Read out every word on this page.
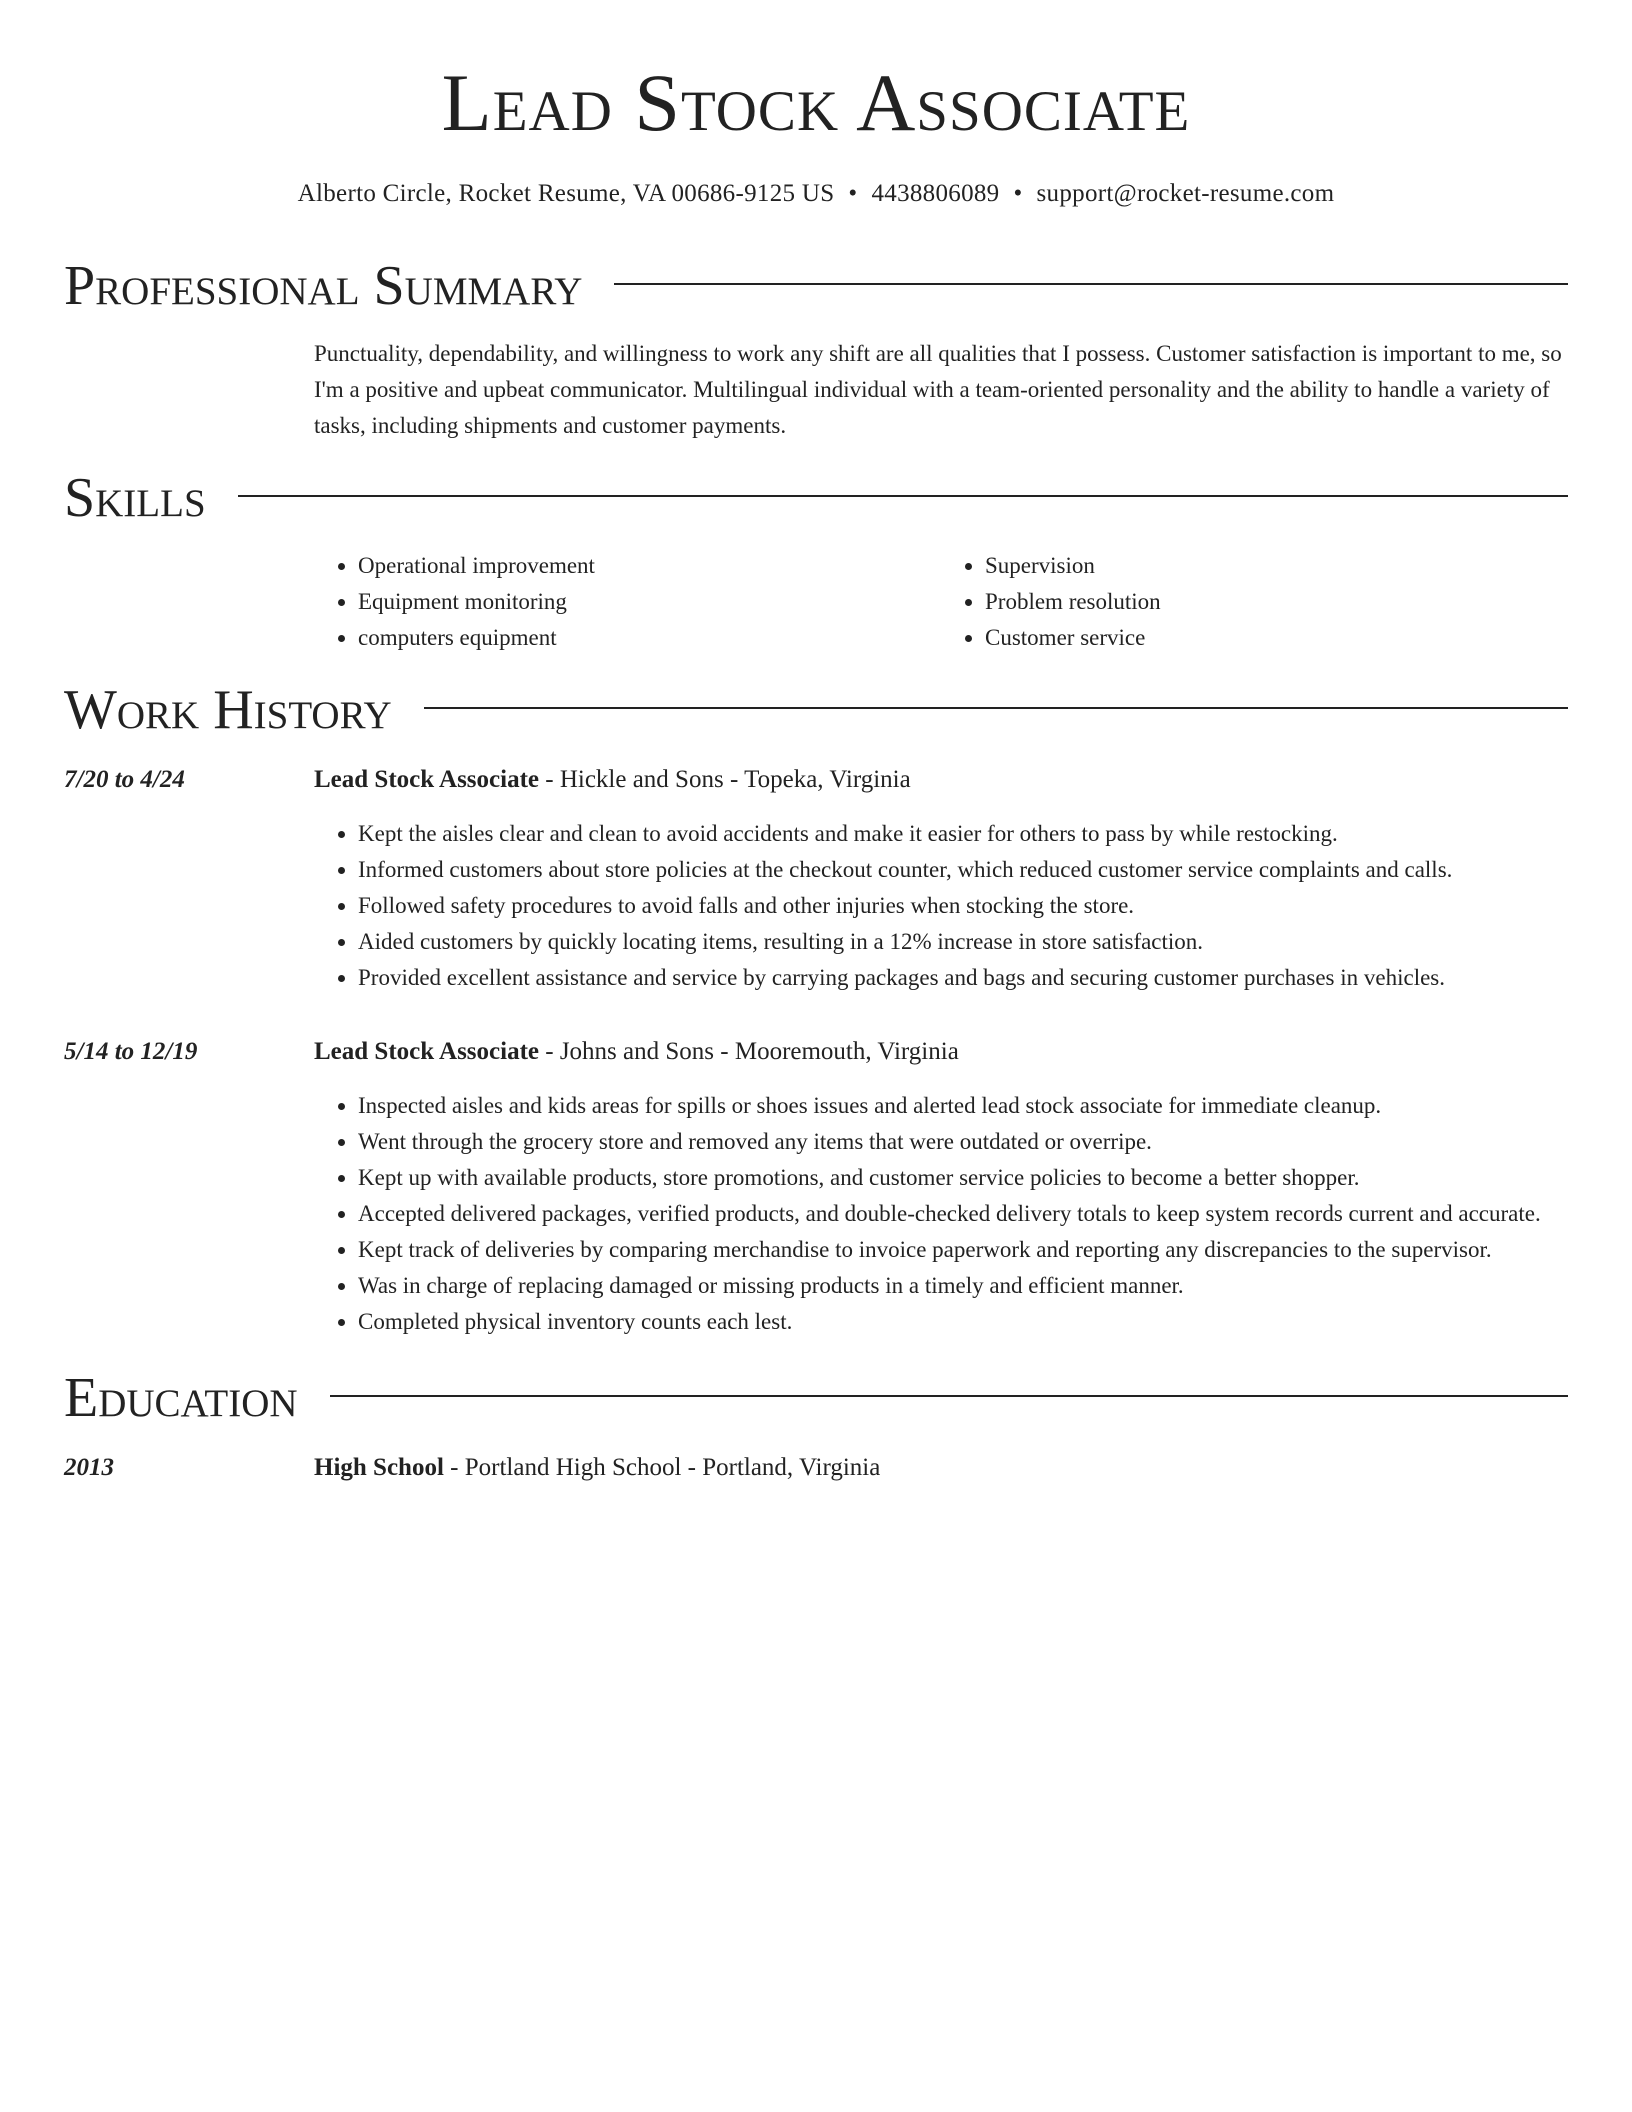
Lead Stock Associate
Alberto Circle, Rocket Resume, VA 00686-9125 US • 4438806089 • support@rocket-resume.com
Professional Summary
Punctuality, dependability, and willingness to work any shift are all qualities that I possess. Customer satisfaction is important to me, so I'm a positive and upbeat communicator. Multilingual individual with a team-oriented personality and the ability to handle a variety of tasks, including shipments and customer payments.
Skills
• Operational improvement
• Equipment monitoring
• computers equipment
• Supervision
• Problem resolution
• Customer service
Work History
7/20 to 4/24	Lead Stock Associate - Hickle and Sons - Topeka, Virginia
• Kept the aisles clear and clean to avoid accidents and make it easier for others to pass by while restocking.
• Informed customers about store policies at the checkout counter, which reduced customer service complaints and calls.
• Followed safety procedures to avoid falls and other injuries when stocking the store.
• Aided customers by quickly locating items, resulting in a 12% increase in store satisfaction.
• Provided excellent assistance and service by carrying packages and bags and securing customer purchases in vehicles.
5/14 to 12/19	Lead Stock Associate - Johns and Sons - Mooremouth, Virginia
• Inspected aisles and kids areas for spills or shoes issues and alerted lead stock associate for immediate cleanup.
• Went through the grocery store and removed any items that were outdated or overripe.
• Kept up with available products, store promotions, and customer service policies to become a better shopper.
• Accepted delivered packages, verified products, and double-checked delivery totals to keep system records current and accurate.
• Kept track of deliveries by comparing merchandise to invoice paperwork and reporting any discrepancies to the supervisor.
• Was in charge of replacing damaged or missing products in a timely and efficient manner.
• Completed physical inventory counts each lest.
Education
2013	High School - Portland High School - Portland, Virginia
